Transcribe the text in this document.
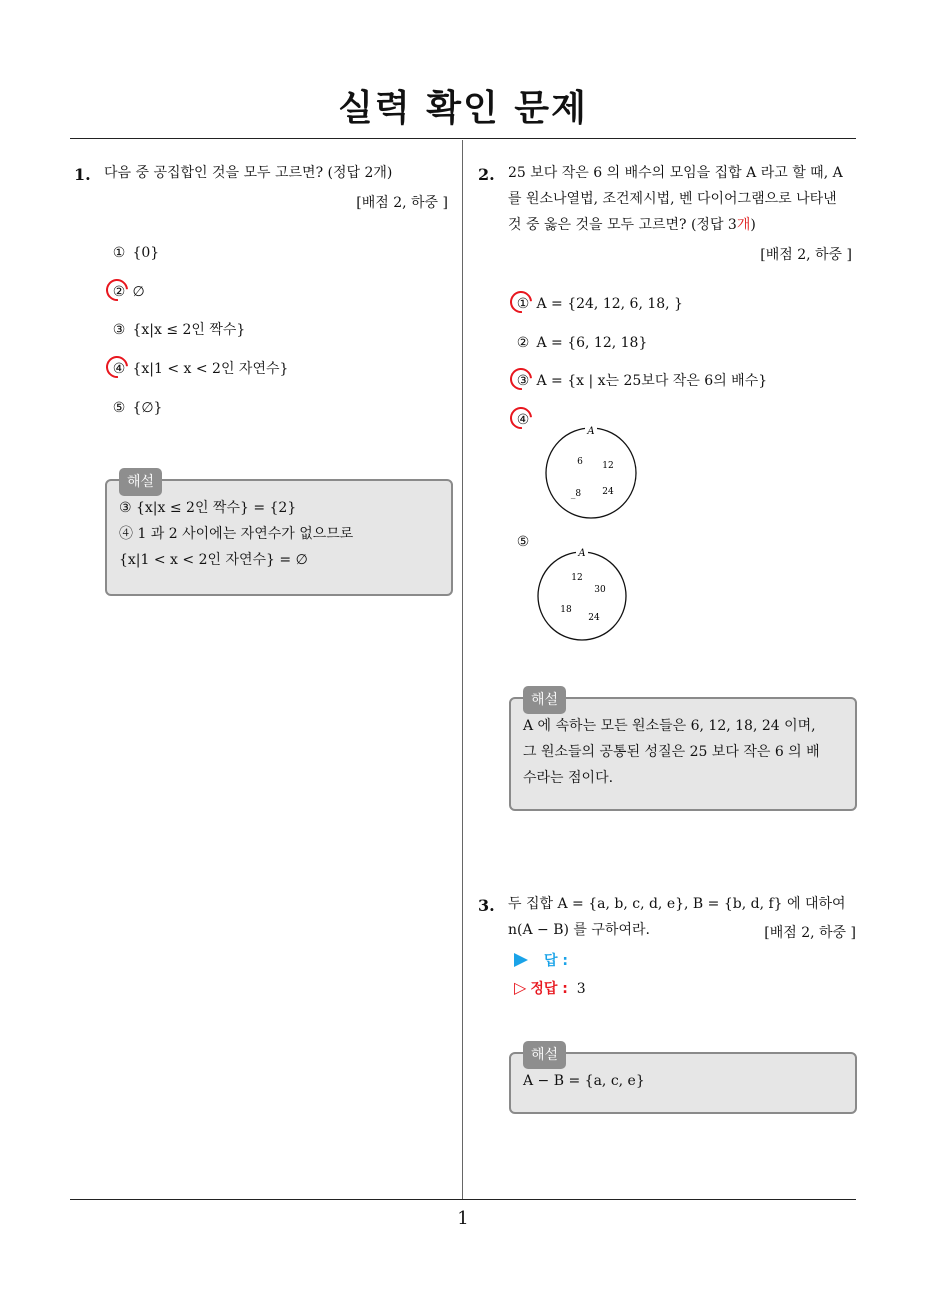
실력 확인 문제
1. 다음 중 공집합인 것을 모두 고르면? (정답 2개)
[배점 2, 하중 ]
① {0}
② ∅
③ {x|x ≤ 2인 짝수}
④ {x|1 < x < 2인 자연수}
⑤ {∅}
해설
③ {x|x ≤ 2인 짝수} = {2}
④ 1 과 2 사이에는 자연수가 없으므로
{x|1 < x < 2인 자연수} = ∅
2. 25 보다 작은 6 의 배수의 모임을 집합 A 라고 할 때, A
를 원소나열법, 조건제시법, 벤 다이어그램으로 나타낸
것 중 옳은 것을 모두 고르면? (정답 3개)
[배점 2, 하중 ]
① A = {24, 12, 6, 18, }
② A = {6, 12, 18}
③ A = {x | x는 25보다 작은 6의 배수}
④
A
6 12
_8 24
⑤
A
12
30
18
24
해설
A 에 속하는 모든 원소들은 6, 12, 18, 24 이며,
그 원소들의 공통된 성질은 25 보다 작은 6 의 배
수라는 점이다.
3. 두 집합 A = {a, b, c, d, e}, B = {b, d, f} 에 대하여
n(A − B) 를 구하여라.	[배점 2, 하중 ]
답 :
▷ 정답 : 3
해설
A − B = {a, c, e}
1
